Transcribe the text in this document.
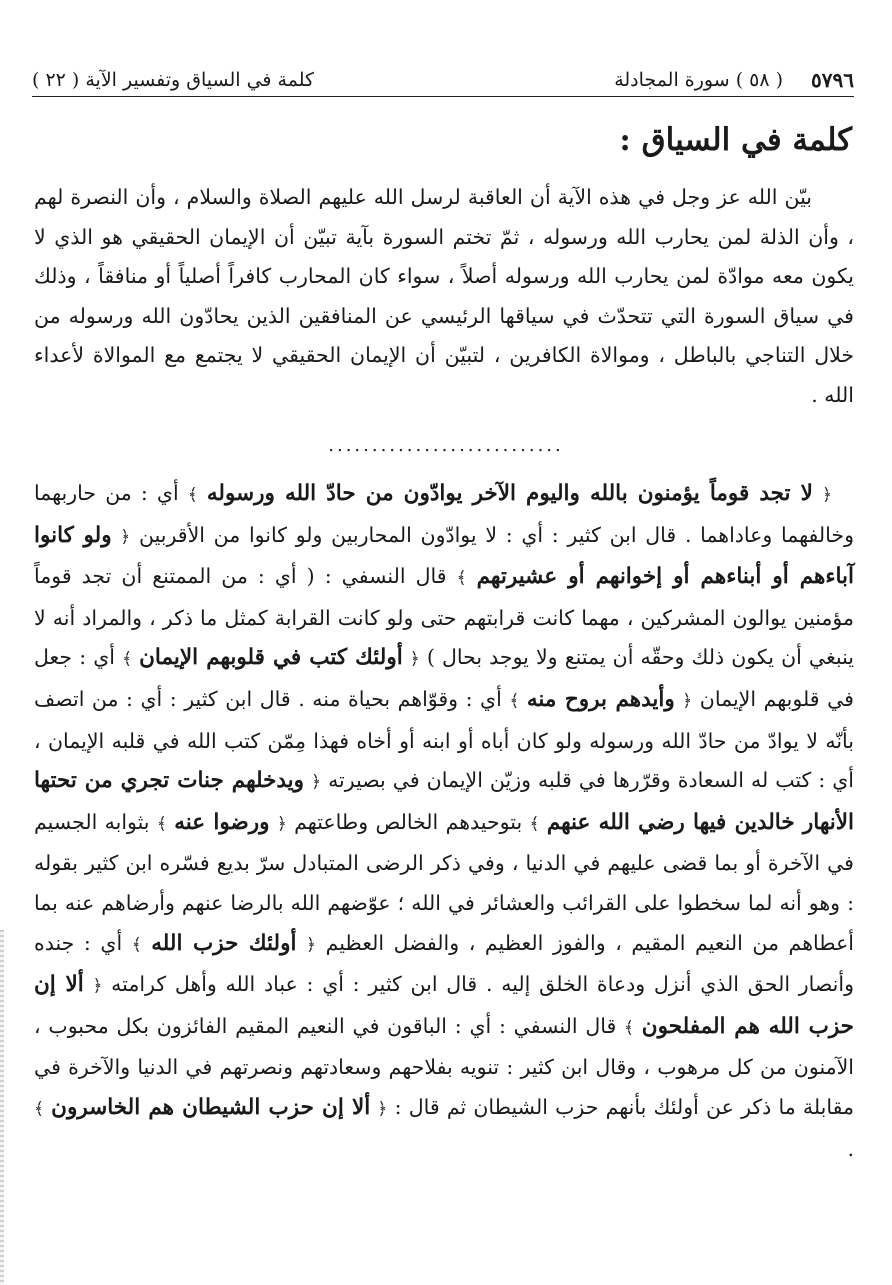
٥٧٩٦
( ٥٨ ) سورة المجادلة
كلمة في السياق وتفسير الآية ( ٢٢ )
كلمة في السياق :

بيّن الله عز وجل في هذه الآية أن العاقبة لرسل الله عليهم الصلاة والسلام ، وأن النصرة لهم ، وأن الذلة لمن يحارب الله ورسوله ، ثمّ تختم السورة بآية تبيّن أن الإيمان الحقيقي هو الذي لا يكون معه موادّة لمن يحارب الله ورسوله أصلاً ، سواء كان المحارب كافراً أصلياً أو منافقاً ، وذلك في سياق السورة التي تتحدّث في سياقها الرئيسي عن المنافقين الذين يحادّون الله ورسوله من خلال التناجي بالباطل ، وموالاة الكافرين ، لتبيّن أن الإيمان الحقيقي لا يجتمع مع الموالاة لأعداء الله .

...........................

﴿ لا تجد قوماً يؤمنون بالله واليوم الآخر يوادّون من حادّ الله ورسوله ﴾ أي : من حاربهما وخالفهما وعاداهما . قال ابن كثير : أي : لا يوادّون المحاربين ولو كانوا من الأقربين ﴿ ولو كانوا آباءهم أو أبناءهم أو إخوانهم أو عشيرتهم ﴾ قال النسفي : ( أي : من الممتنع أن تجد قوماً مؤمنين يوالون المشركين ، مهما كانت قرابتهم حتى ولو كانت القرابة كمثل ما ذكر ، والمراد أنه لا ينبغي أن يكون ذلك وحقّه أن يمتنع ولا يوجد بحال ) ﴿ أولئك كتب في قلوبهم الإيمان ﴾ أي : جعل في قلوبهم الإيمان ﴿ وأيدهم بروح منه ﴾ أي : وقوّاهم بحياة منه . قال ابن كثير : أي : من اتصف بأنّه لا يوادّ من حادّ الله ورسوله ولو كان أباه أو ابنه أو أخاه فهذا مِمّن كتب الله في قلبه الإيمان ، أي : كتب له السعادة وقرّرها في قلبه وزيّن الإيمان في بصيرته ﴿ ويدخلهم جنات تجري من تحتها الأنهار خالدين فيها رضي الله عنهم ﴾ بتوحيدهم الخالص وطاعتهم ﴿ ورضوا عنه ﴾ بثوابه الجسيم في الآخرة أو بما قضى عليهم في الدنيا ، وفي ذكر الرضى المتبادل سرّ بديع فسّره ابن كثير بقوله : وهو أنه لما سخطوا على القرائب والعشائر في الله ؛ عوّضهم الله بالرضا عنهم وأرضاهم عنه بما أعطاهم من النعيم المقيم ، والفوز العظيم ، والفضل العظيم ﴿ أولئك حزب الله ﴾ أي : جنده وأنصار الحق الذي أنزل ودعاة الخلق إليه . قال ابن كثير : أي : عباد الله وأهل كرامته ﴿ ألا إن حزب الله هم المفلحون ﴾ قال النسفي : أي : الباقون في النعيم المقيم الفائزون بكل محبوب ، الآمنون من كل مرهوب ، وقال ابن كثير : تنويه بفلاحهم وسعادتهم ونصرتهم في الدنيا والآخرة في مقابلة ما ذكر عن أولئك بأنهم حزب الشيطان ثم قال : ﴿ ألا إن حزب الشيطان هم الخاسرون ﴾ .
